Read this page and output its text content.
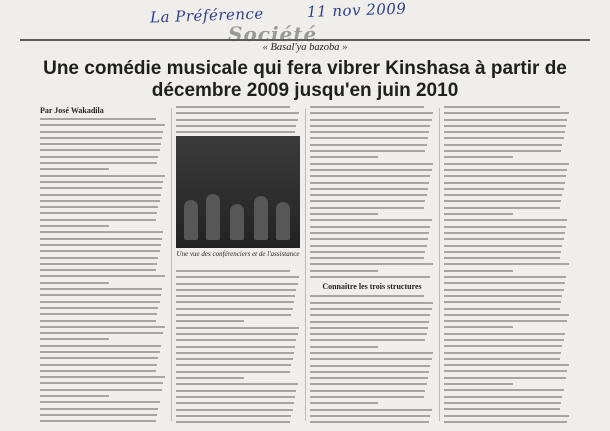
La Préférence	11 nov 2009
Société
« Basal'ya bazoba »
Une comédie musicale qui fera vibrer Kinshasa à partir de décembre 2009 jusqu'en juin 2010
Par José Wakadila
Une vue des conférenciers et de l'assistance
Connaître les trois structures
